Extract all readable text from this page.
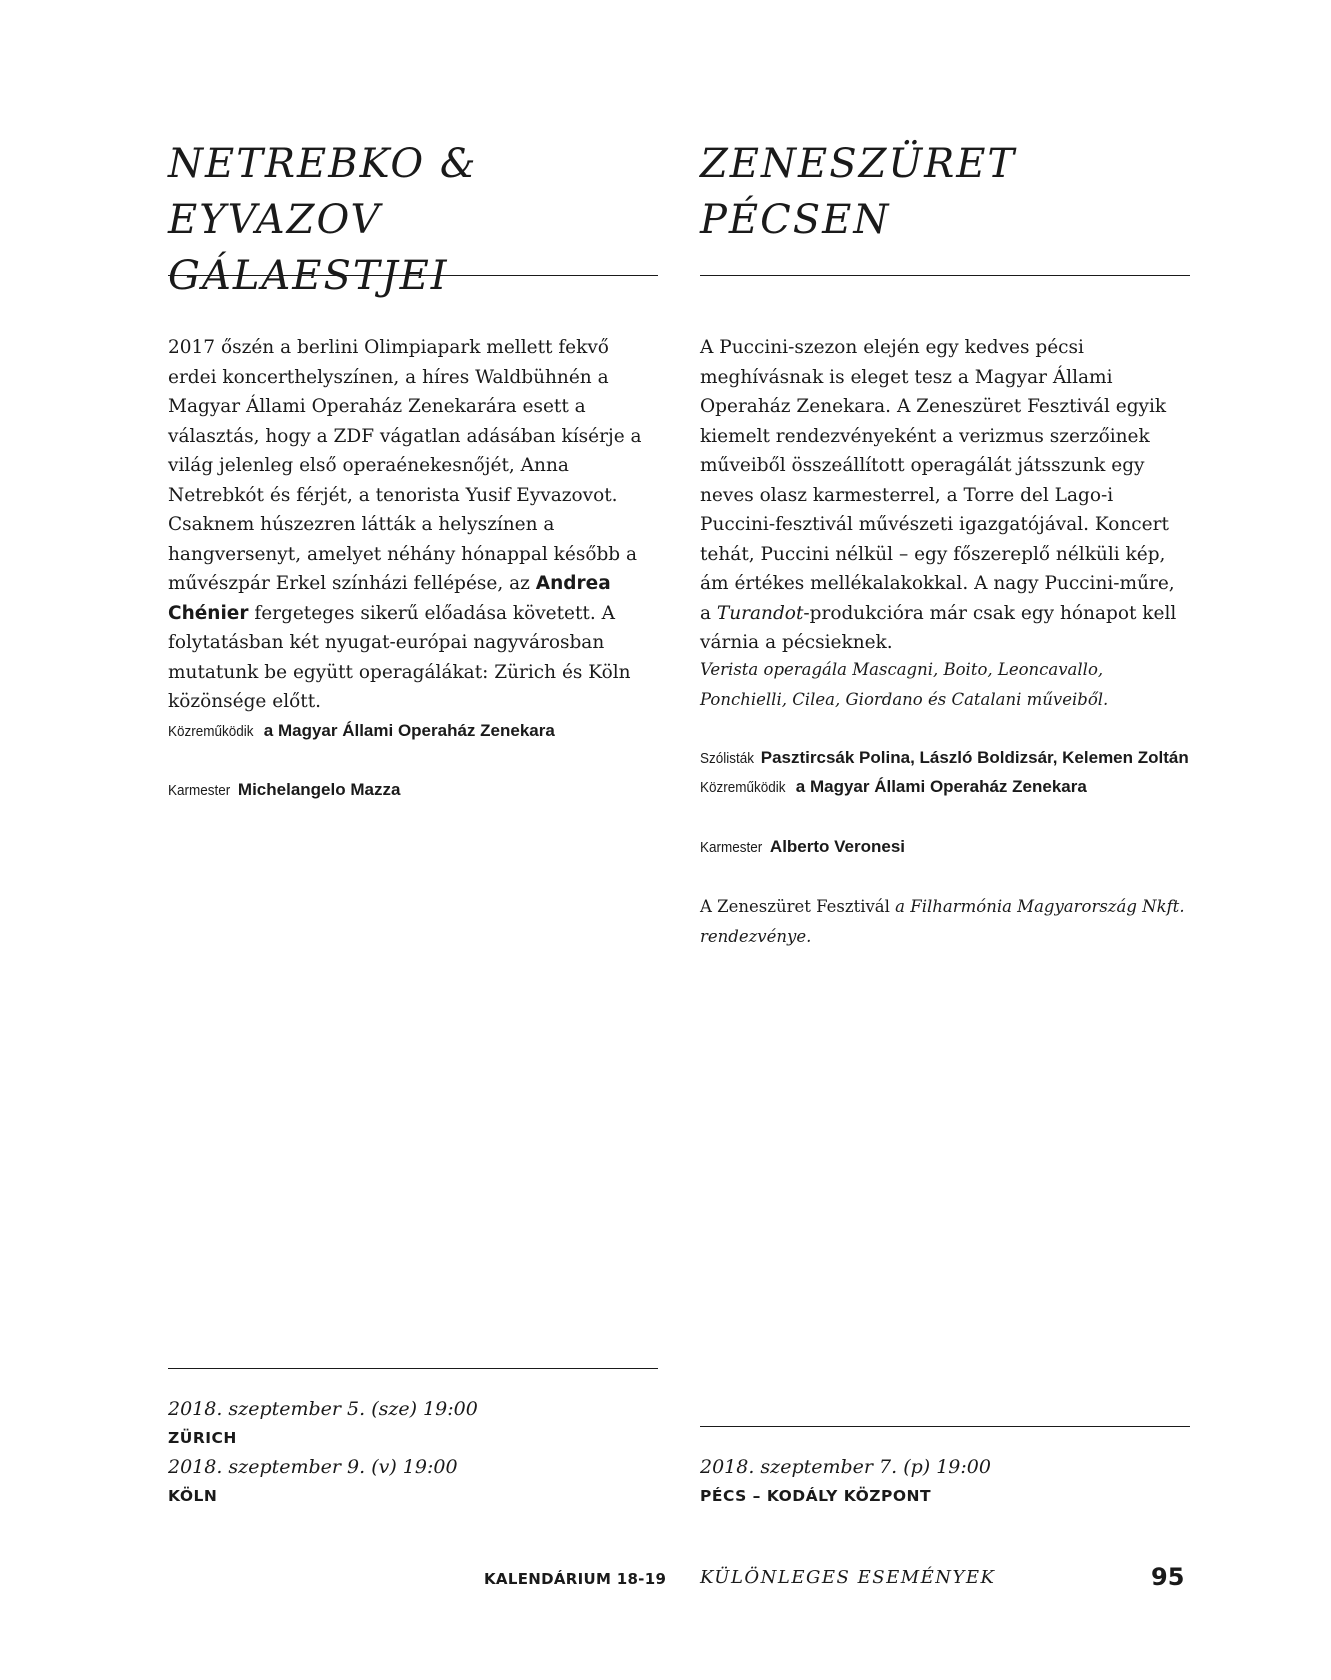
NETREBKO & EYVAZOV
GÁLAESTJEI

2017 őszén a berlini Olimpiapark mellett fekvő erdei koncerthelyszínen, a híres Waldbühnén a Magyar Állami Operaház Zenekarára esett a választás, hogy a ZDF vágatlan adásában kísérje a világ jelenleg első operaénekesnőjét, Anna Netrebkót és férjét, a tenorista Yusif Eyvazovot. Csaknem húszezren látták a helyszínen a hangversenyt, amelyet néhány hónappal később a művészpár Erkel színházi fellépése, az Andrea Chénier fergeteges sikerű előadása követett. A folytatásban két nyugat-európai nagyvárosban mutatunk be együtt operagálákat: Zürich és Köln közönsége előtt.

Közreműködik a Magyar Állami Operaház Zenekara
Karmester Michelangelo Mazza
2018. szeptember 5. (sze) 19:00
ZÜRICH
2018. szeptember 9. (v) 19:00
KÖLN
ZENESZÜRET PÉCSEN

A Puccini-szezon elején egy kedves pécsi meghívásnak is eleget tesz a Magyar Állami Operaház Zenekara. A Zeneszüret Fesztivál egyik kiemelt rendezvényeként a verizmus szerzőinek műveiből összeállított operagálát játsszunk egy neves olasz karmesterrel, a Torre del Lago-i Puccini-fesztivál művészeti igazgatójával. Koncert tehát, Puccini nélkül – egy főszereplő nélküli kép, ám értékes mellékalakokkal. A nagy Puccini-műre, a Turandot-produkcióra már csak egy hónapot kell várnia a pécsieknek.

Verista operagála Mascagni, Boito, Leoncavallo, Ponchielli, Cilea, Giordano és Catalani műveiből.
Szólisták Pasztircsák Polina, László Boldizsár, Kelemen Zoltán
Közreműködik a Magyar Állami Operaház Zenekara
Karmester Alberto Veronesi
A Zeneszüret Fesztivál a Filharmónia Magyarország Nkft. rendezvénye.
2018. szeptember 7. (p) 19:00
PÉCS – KODÁLY KÖZPONT
KALENDÁRIUM 18-19 KÜLÖNLEGES ESEMÉNYEK	95
